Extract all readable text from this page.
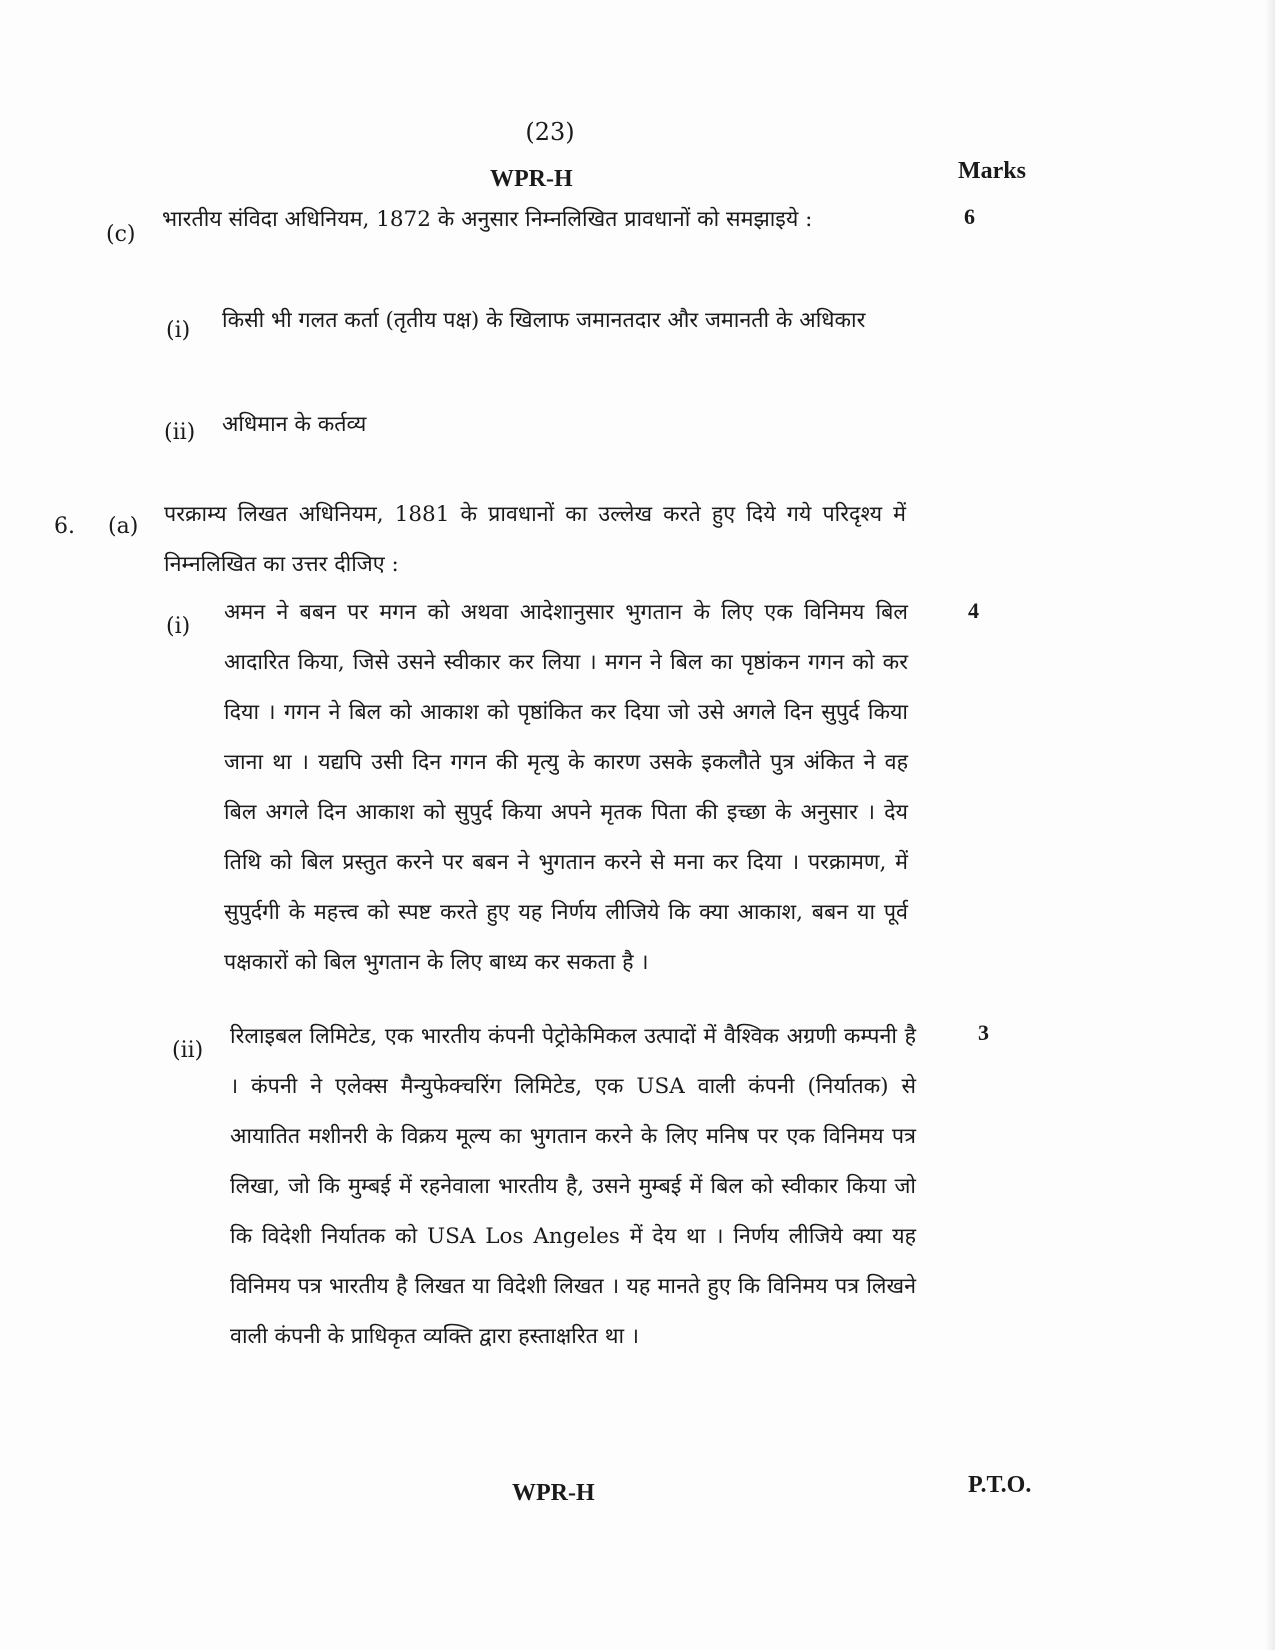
(23)
WPR-H	Marks
(c)
भारतीय संविदा अधिनियम, 1872 के अनुसार निम्नलिखित प्रावधानों को समझाइये :	6
(i) किसी भी गलत कर्ता (तृतीय पक्ष) के खिलाफ जमानतदार और जमानती के अधिकार
(ii) अधिमान के कर्तव्य
6. (a) परक्राम्य लिखत अधिनियम, 1881 के प्रावधानों का उल्लेख करते हुए दिये गये परिदृश्य में निम्नलिखित का उत्तर दीजिए :
(i)
अमन ने बबन पर मगन को अथवा आदेशानुसार भुगतान के लिए एक विनिमय बिल आदारित किया, जिसे उसने स्वीकार कर लिया । मगन ने बिल का पृष्ठांकन गगन को कर दिया । गगन ने बिल को आकाश को पृष्ठांकित कर दिया जो उसे अगले दिन सुपुर्द किया जाना था । यद्यपि उसी दिन गगन की मृत्यु के कारण उसके इकलौते पुत्र अंकित ने वह बिल अगले दिन आकाश को सुपुर्द किया अपने मृतक पिता की इच्छा के अनुसार । देय तिथि को बिल प्रस्तुत करने पर बबन ने भुगतान करने से मना कर दिया । परक्रामण, में सुपुर्दगी के महत्त्व को स्पष्ट करते हुए यह निर्णय लीजिये कि क्या आकाश, बबन या पूर्व पक्षकारों को बिल भुगतान के लिए बाध्य कर सकता है ।
4
(ii)
रिलाइबल लिमिटेड, एक भारतीय कंपनी पेट्रोकेमिकल उत्पादों में वैश्विक अग्रणी कम्पनी है । कंपनी ने एलेक्स मैन्युफेक्चरिंग लिमिटेड, एक USA वाली कंपनी (निर्यातक) से आयातित मशीनरी के विक्रय मूल्य का भुगतान करने के लिए मनिष पर एक विनिमय पत्र लिखा, जो कि मुम्बई में रहनेवाला भारतीय है, उसने मुम्बई में बिल को स्वीकार किया जो कि विदेशी निर्यातक को USA Los Angeles में देय था । निर्णय लीजिये क्या यह विनिमय पत्र भारतीय है लिखत या विदेशी लिखत । यह मानते हुए कि विनिमय पत्र लिखने वाली कंपनी के प्राधिकृत व्यक्ति द्वारा हस्ताक्षरित था ।
3
WPR-H	P.T.O.
